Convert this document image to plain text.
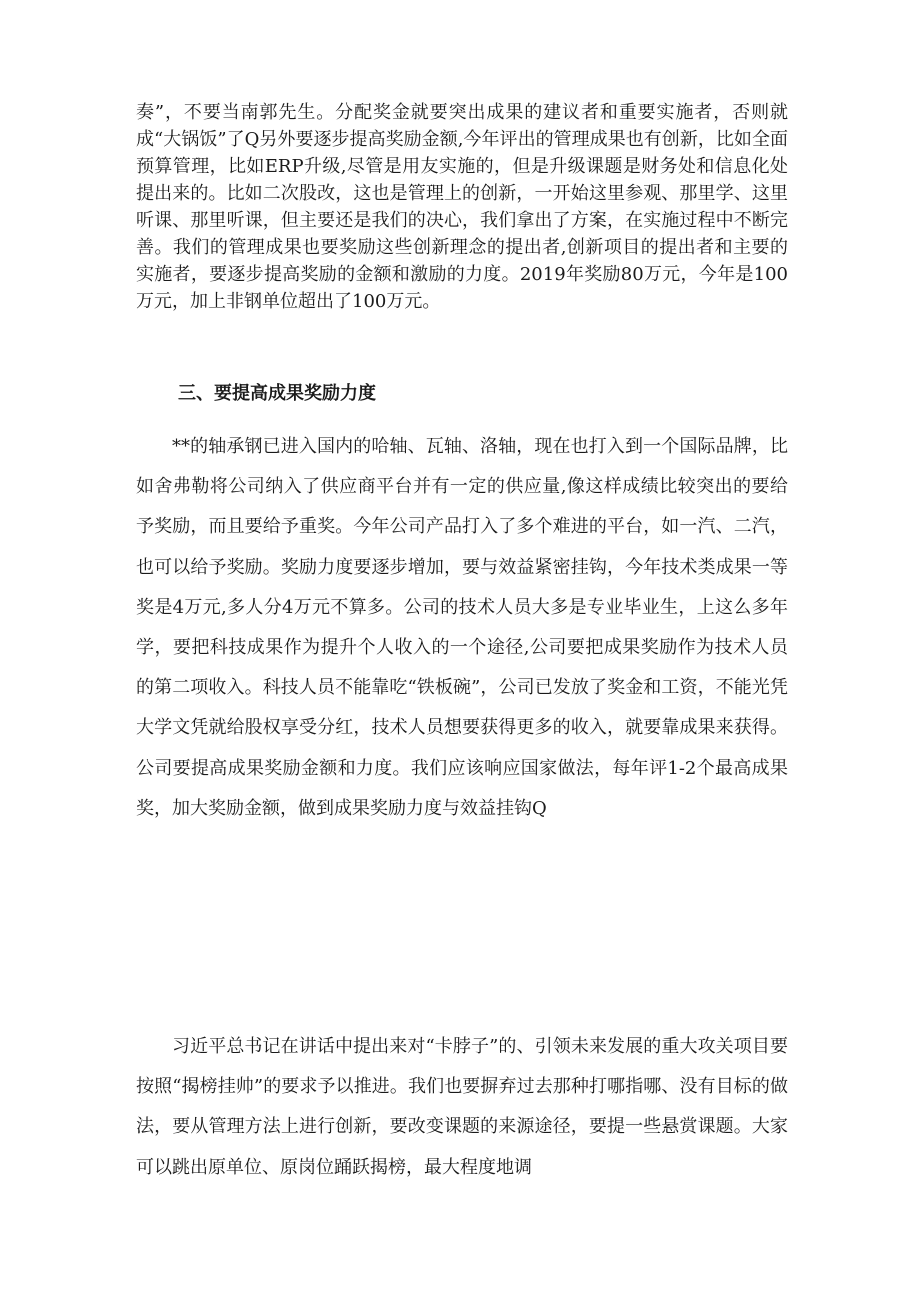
奏”，不要当南郭先生。分配奖金就要突出成果的建议者和重要实施者，否则就成“大锅饭”了Q另外要逐步提高奖励金额,今年评出的管理成果也有创新，比如全面预算管理，比如ERP升级,尽管是用友实施的，但是升级课题是财务处和信息化处提出来的。比如二次股改，这也是管理上的创新，一开始这里参观、那里学、这里听课、那里听课，但主要还是我们的决心，我们拿出了方案，在实施过程中不断完善。我们的管理成果也要奖励这些创新理念的提出者,创新项目的提出者和主要的实施者，要逐步提高奖励的金额和激励的力度。2019年奖励80万元，今年是100万元，加上非钢单位超出了100万元。

三、要提高成果奖励力度

**的轴承钢已进入国内的哈轴、瓦轴、洛轴，现在也打入到一个国际品牌，比如舍弗勒将公司纳入了供应商平台并有一定的供应量,像这样成绩比较突出的要给予奖励，而且要给予重奖。今年公司产品打入了多个难进的平台，如一汽、二汽，也可以给予奖励。奖励力度要逐步增加，要与效益紧密挂钩，今年技术类成果一等奖是4万元,多人分4万元不算多。公司的技术人员大多是专业毕业生，上这么多年学，要把科技成果作为提升个人收入的一个途径,公司要把成果奖励作为技术人员的第二项收入。科技人员不能靠吃“铁板碗”，公司已发放了奖金和工资，不能光凭大学文凭就给股权享受分红，技术人员想要获得更多的收入，就要靠成果来获得。公司要提高成果奖励金额和力度。我们应该响应国家做法，每年评1-2个最高成果奖，加大奖励金额，做到成果奖励力度与效益挂钩Q

习近平总书记在讲话中提出来对“卡脖子”的、引领未来发展的重大攻关项目要按照“揭榜挂帅”的要求予以推进。我们也要摒弃过去那种打哪指哪、没有目标的做法，要从管理方法上进行创新，要改变课题的来源途径，要提一些悬赏课题。大家可以跳出原单位、原岗位踊跃揭榜，最大程度地调
